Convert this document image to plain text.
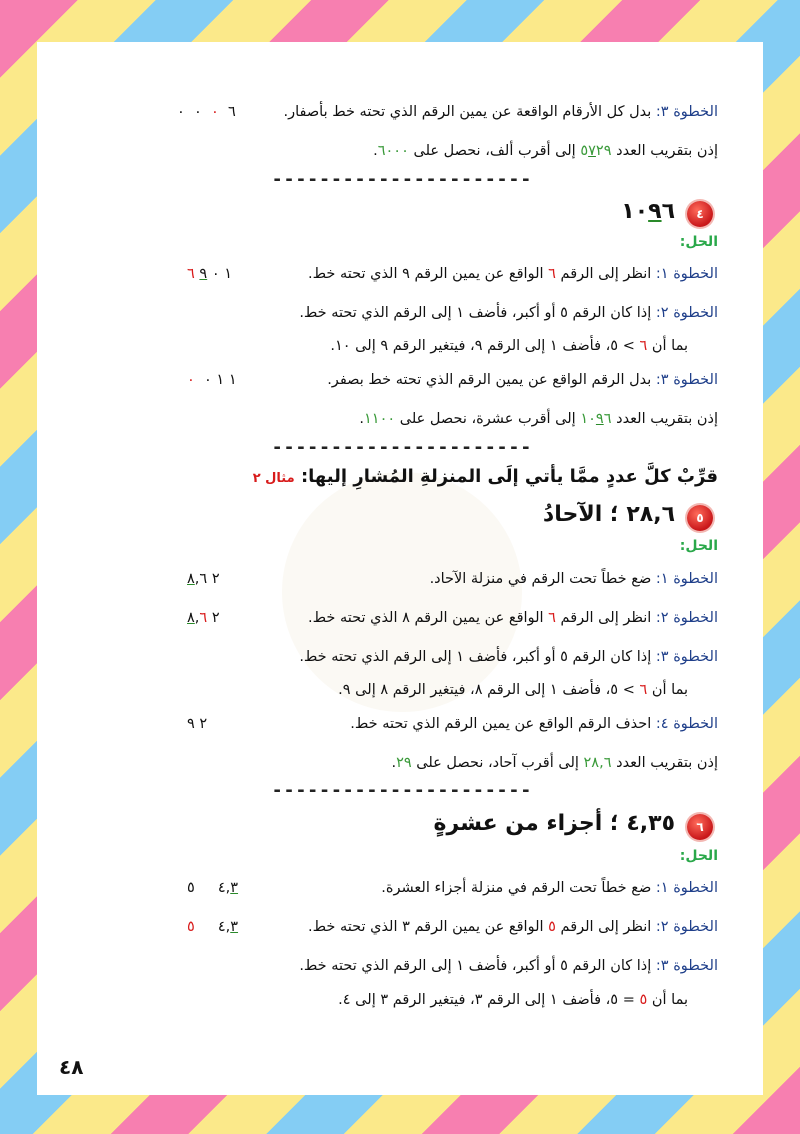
الخطوة ٣: بدل كل الأرقام الواقعة عن يمين الرقم الذي تحته خط بأصفار.
٦  ٠  ٠  ٠
إذن بتقريب العدد ٥٧٢٩ إلى أقرب ألف، نحصل على ٦٠٠٠.
----------------------
٤
١٠٩٦
الحل:
الخطوة ١: انظر إلى الرقم ٦ الواقع عن يمين الرقم ٩ الذي تحته خط.
١ ٠ ٩ ٦
الخطوة ٢: إذا كان الرقم ٥ أو أكبر، فأضف ١ إلى الرقم الذي تحته خط.
بما أن ٦ > ٥، فأضف ١ إلى الرقم ٩، فيتغير الرقم ٩ إلى ١٠.
الخطوة ٣: بدل الرقم الواقع عن يمين الرقم الذي تحته خط بصفر.
١ ١ ٠  ٠
إذن بتقريب العدد ١٠٩٦ إلى أقرب عشرة، نحصل على ١١٠٠.
----------------------
قرِّبْ كلَّ عددٍ ممَّا يأتي إلَى المنزلةِ المُشارِ إليها: مثال ٢
٥
٢٨,٦ ؛ الآحادُ
الحل:
الخطوة ١: ضع خطاً تحت الرقم في منزلة الآحاد.
٢ ٨,٦
الخطوة ٢: انظر إلى الرقم ٦ الواقع عن يمين الرقم ٨ الذي تحته خط.
٢ ٨,٦
الخطوة ٣: إذا كان الرقم ٥ أو أكبر، فأضف ١ إلى الرقم الذي تحته خط.
بما أن ٦ > ٥، فأضف ١ إلى الرقم ٨، فيتغير الرقم ٨ إلى ٩.
الخطوة ٤: احذف الرقم الواقع عن يمين الرقم الذي تحته خط.
٢ ٩
إذن بتقريب العدد ٢٨,٦ إلى أقرب آحاد، نحصل على ٢٩.
----------------------
٦
٤,٣٥ ؛ أجزاء من عشرةٍ
الحل:
الخطوة ١: ضع خطاً تحت الرقم في منزلة أجزاء العشرة.
٤,٣     ٥
الخطوة ٢: انظر إلى الرقم ٥ الواقع عن يمين الرقم ٣ الذي تحته خط.
٤,٣     ٥
الخطوة ٣: إذا كان الرقم ٥ أو أكبر، فأضف ١ إلى الرقم الذي تحته خط.
بما أن ٥ = ٥، فأضف ١ إلى الرقم ٣، فيتغير الرقم ٣ إلى ٤.
٤٨
